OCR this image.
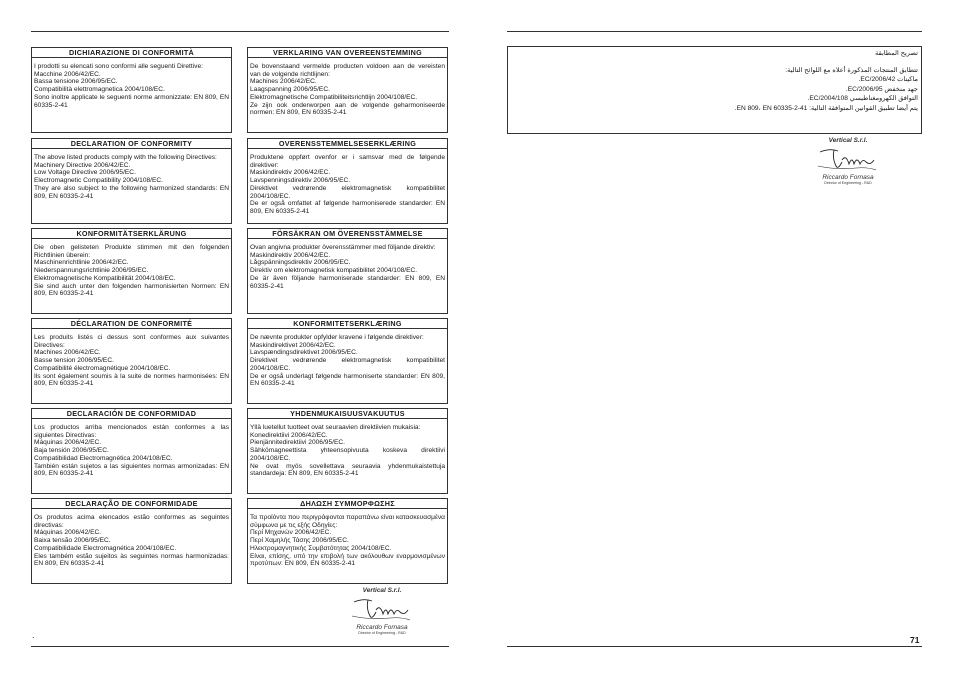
DICHIARAZIONE DI CONFORMITÀ
I prodotti su elencati sono conformi alle seguenti Direttive:
Macchine 2006/42/EC.
Bassa tensione 2006/95/EC.
Compatibilità elettromagnetica 2004/108/EC.
Sono inoltre applicate le seguenti norme armonizzate: EN 809, EN 60335-2-41
VERKLARING VAN OVEREENSTEMMING
De bovenstaand vermelde producten voldoen aan de vereisten van de volgende richtlijnen:
Machines 2006/42/EC.
Laagspanning 2006/95/EC.
Elektromagnetische Compatibiliteitsrichtlijn 2004/108/EC.
Ze zijn ook onderworpen aan de volgende geharmoniseerde normen: EN 809, EN 60335-2-41
DECLARATION OF CONFORMITY
The above listed products comply with the following Directives:
Machinery Directive 2006/42/EC.
Low Voltage Directive 2006/95/EC.
Electromagnetic Compatibility 2004/108/EC.
They are also subject to the following harmonized standards: EN 809, EN 60335-2-41
OVERENSSTEMMELSESERKLÆRING
Produktene oppført ovenfor er i samsvar med de følgende direktiver:
Maskindirektiv 2006/42/EC.
Lavspenningsdirektiv 2006/95/EC.
Direktivet vedrørende elektromagnetisk kompatibilitet 2004/108/EC.
De er også omfattet af følgende harmoniserede standarder: EN 809, EN 60335-2-41
KONFORMITÄTSERKLÄRUNG
Die oben gelisteten Produkte stimmen mit den folgenden Richtlinien überein:
Maschinenrichtlinie 2006/42/EC.
Niederspannungsrichtlinie 2006/95/EC.
Elektromagnetische Kompatibilität 2004/108/EC.
Sie sind auch unter den folgenden harmonisierten Normen: EN 809, EN 60335-2-41
FÖRSÄKRAN OM ÖVERENSSTÄMMELSE
Ovan angivna produkter överensstämmer med följande direktiv:
Maskindirektiv 2006/42/EC.
Lågspänningsdirektiv 2006/95/EC.
Direktiv om elektromagnetisk kompatibilitet 2004/108/EC.
De är även följande harmoniserade standarder: EN 809, EN 60335-2-41
DÉCLARATION DE CONFORMITÉ
Les produits listés ci dessus sont conformes aux suivantes Directives:
Machines 2006/42/EC.
Basse tension 2006/95/EC.
Compatibilité électromagnétique 2004/108/EC.
Ils sont également soumis à la suite de normes harmonisées: EN 809, EN 60335-2-41
KONFORMITETSERKLÆRING
De nævnte produkter opfylder kravene i følgende direktiver:
Maskindirektivet 2006/42/EC.
Lavspændingsdirektivet 2006/95/EC.
Direktivet vedrørende elektromagnetisk kompatibilitet 2004/108/EC.
De er også underlagt følgende harmoniserte standarder: EN 809, EN 60335-2-41
DECLARACIÓN DE CONFORMIDAD
Los productos arriba mencionados están conformes a las siguientes Directivas:
Máquinas 2006/42/EC.
Baja tensión 2006/95/EC.
Compatibilidad Electromagnética 2004/108/EC.
También están sujetos a las siguientes normas armonizadas: EN 809, EN 60335-2-41
YHDENMUKAISUUSVAKUUTUS
Yllä luetellut tuotteet ovat seuraavien direktiivien mukaisia:
Konedirektiivi 2006/42/EC.
Pienjännitedirektiivi 2006/95/EC.
Sähkömagneettista yhteensopivuuta koskeva direktiivi 2004/108/EC.
Ne ovat myös sovellettava seuraavia yhdenmukaistettuja standardeja: EN 809, EN 60335-2-41
DECLARAÇÃO DE CONFORMIDADE
Os produtos acima elencados estão conformes as seguintes directivas:
Máquinas 2006/42/EC.
Baixa tensão 2006/95/EC.
Compatibilidade Electromagnética 2004/108/EC.
Eles também estão sujeitos às seguintes normas harmonizadas: EN 809, EN 60335-2-41
ΔΗΛΩΣΗ ΣΥΜΜΟΡΦΩΣΗΣ
Τα προϊόντα που περιγράφονται παραπάνω είναι κατασκευασμένα σύμφωνα με τις εξής Οδηγίες:
Περί Μηχανών 2006/42/EC.
Περί Χαμηλής Τάσης 2006/95/EC.
Ηλεκτρομαγνητικής Συμβατότητας 2004/108/EC.
Είναι, επίσης, υπό την επιβολή των ακόλουθων εναρμονισμένων προτύπων: EN 809, EN 60335-2-41
تصريح المطابقة
تتطابق المنتجات المذكورة أعلاه مع اللوائح التالية:
ماكينات 2006/42/EC.
جهد منخفض 2006/95/EC.
التوافق الكهرومغناطيسي 2004/108/EC.
يتم أيضا تطبيق القوانين المتوافقة التالية: EN 809، EN 60335-2-41.
Vertical S.r.l.
Riccardo Fornasa
Director of Engineering - R&D
Vertical S.r.l.
Riccardo Fornasa
Director of Engineering - R&D
.	71
